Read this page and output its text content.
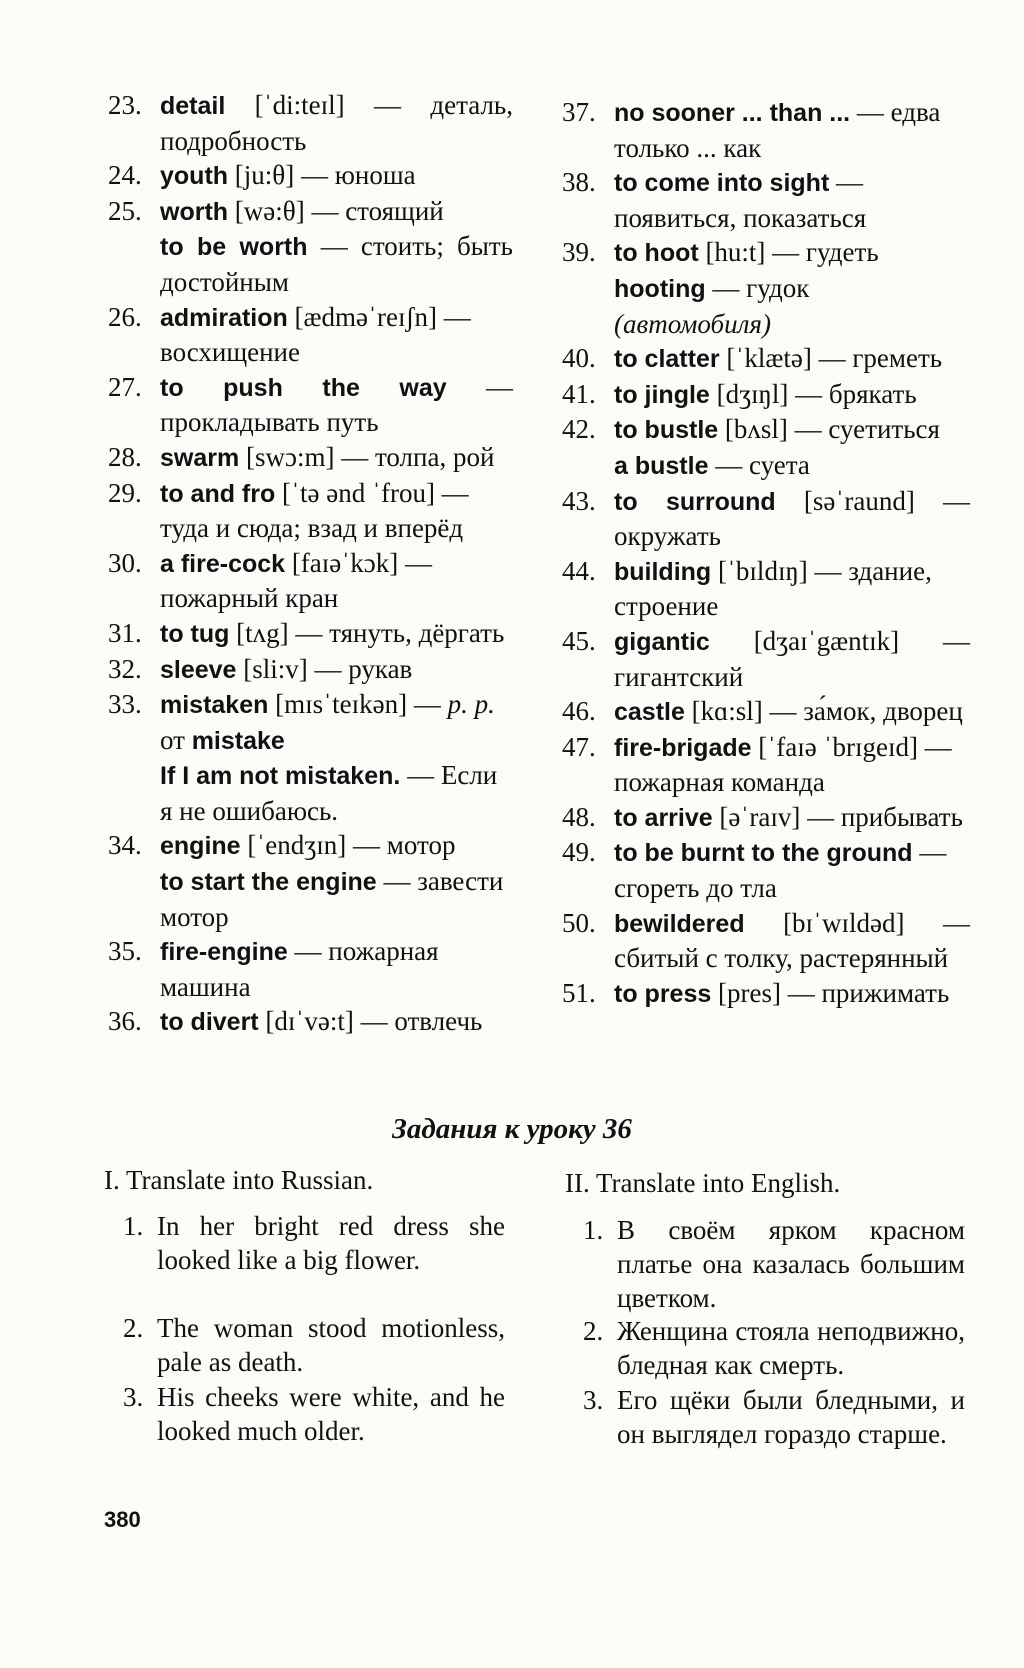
23. detail [ˈdi:teɪl] — деталь, подробность
24. youth [ju:θ] — юноша
25. worth [wə:θ] — стоящий
to be worth — стоить; быть достойным
26. admiration [ædməˈreɪʃn] — восхищение
27. to push the way — прокладывать путь
28. swarm [swɔ:m] — толпа, рой
29. to and fro [ˈtə ənd ˈfrou] — туда и сюда; взад и вперёд
30. a fire-cock [faɪəˈkɔk] — пожарный кран
31. to tug [tʌg] — тянуть, дёргать
32. sleeve [sli:v] — рукав
33. mistaken [mɪsˈteɪkən] — p. p. от mistake
If I am not mistaken. — Если я не ошибаюсь.
34. engine [ˈendʒɪn] — мотор
to start the engine — завести мотор
35. fire-engine — пожарная машина
36. to divert [dɪˈvə:t] — отвлечь
37. no sooner ... than ... — едва только ... как
38. to come into sight — появиться, показаться
39. to hoot [hu:t] — гудеть
hooting — гудок (автомобиля)
40. to clatter [ˈklætə] — греметь
41. to jingle [dʒɪŋl] — брякать
42. to bustle [bʌsl] — суетиться
a bustle — суета
43. to surround [səˈraund] — окружать
44. building [ˈbɪldɪŋ] — здание, строение
45. gigantic [dʒaɪˈgæntɪk] — гигантский
46. castle [kɑ:sl] — за́мок, дворец
47. fire-brigade [ˈfaɪə ˈbrɪgeɪd] — пожарная команда
48. to arrive [əˈraɪv] — прибывать
49. to be burnt to the ground — сгореть до тла
50. bewildered [bɪˈwɪldəd] — сбитый с толку, растерянный
51. to press [pres] — прижимать
Задания к уроку 36
I. Translate into Russian.
1. In her bright red dress she looked like a big flower.
2. The woman stood motionless, pale as death.
3. His cheeks were white, and he looked much older.
II. Translate into English.
1. В своём ярком красном платье она казалась большим цветком.
2. Женщина стояла неподвижно, бледная как смерть.
3. Его щёки были бледными, и он выглядел гораздо старше.
380
